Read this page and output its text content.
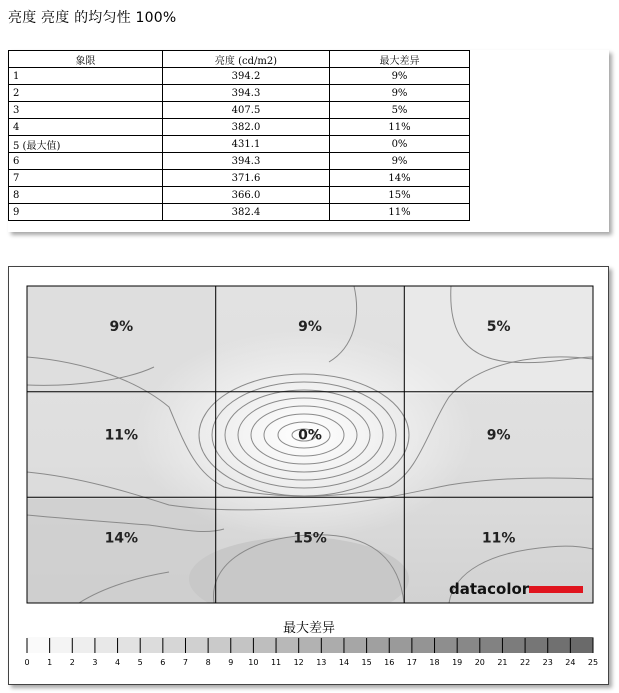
亮度 亮度 的均匀性 100%
象限	亮度 (cd/m2)	最大差异
1	394.2	9%
2	394.3	9%
3	407.5	5%
4	382.0	11%
5 (最大值)	431.1	0%
6	394.3	9%
7	371.6	14%
8	366.0	15%
9	382.4	11%
9%	9%	5%
11%	0%	9%
14%	15%	11%
datacolor
最大差异
0 1 2 3 4 5 6 7 8 9 10 11 12 13 14 15 16 17 18 19 20 21 22 23 24 25
